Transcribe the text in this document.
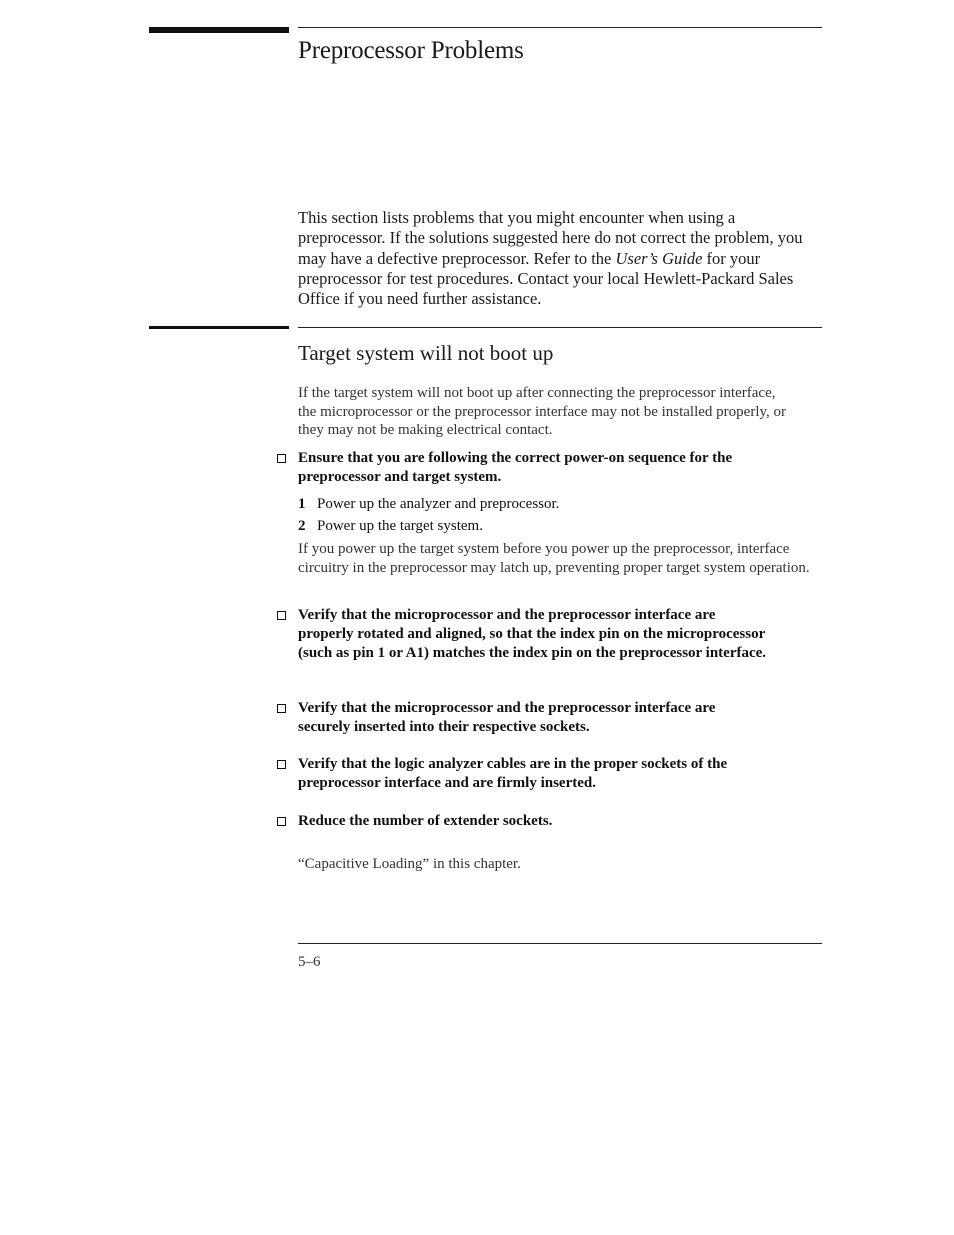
Preprocessor Problems

This section lists problems that you might encounter when using a preprocessor. If the solutions suggested here do not correct the problem, you may have a defective preprocessor. Refer to the User’s Guide for your preprocessor for test procedures. Contact your local Hewlett-Packard Sales Office if you need further assistance.

Target system will not boot up

If the target system will not boot up after connecting the preprocessor interface, the microprocessor or the preprocessor interface may not be installed properly, or they may not be making electrical contact.

Ensure that you are following the correct power-on sequence for the preprocessor and target system.

1 Power up the analyzer and preprocessor.
2 Power up the target system.

If you power up the target system before you power up the preprocessor, interface circuitry in the preprocessor may latch up, preventing proper target system operation.

Verify that the microprocessor and the preprocessor interface are properly rotated and aligned, so that the index pin on the microprocessor (such as pin 1 or A1) matches the index pin on the preprocessor interface.

Verify that the microprocessor and the preprocessor interface are securely inserted into their respective sockets.

Verify that the logic analyzer cables are in the proper sockets of the preprocessor interface and are firmly inserted.

Reduce the number of extender sockets.

“Capacitive Loading” in this chapter.

5–6
